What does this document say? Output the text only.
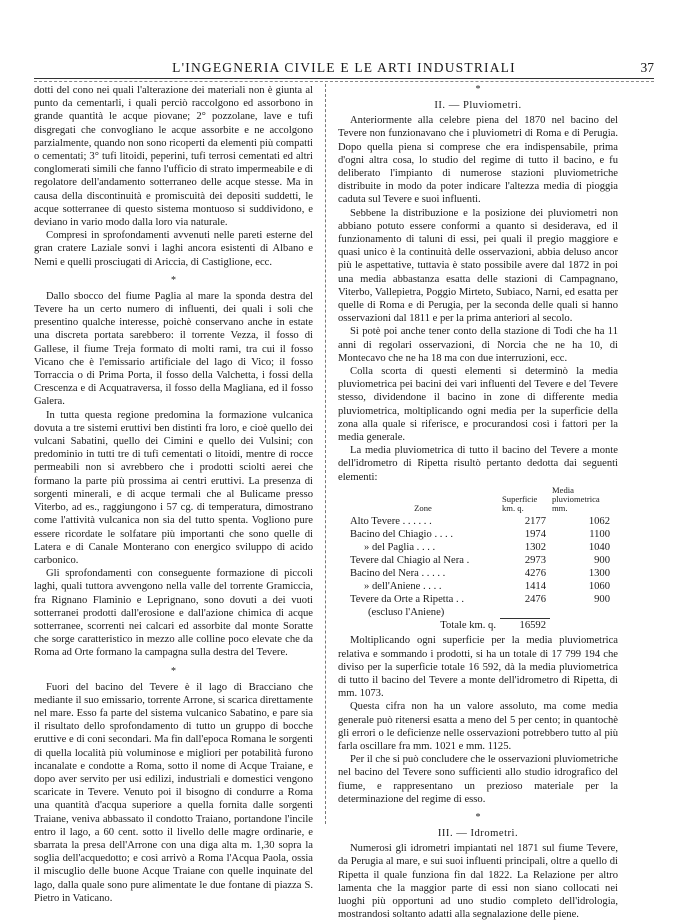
L'INGEGNERIA CIVILE E LE ARTI INDUSTRIALI	37

dotti del cono nei quali l'alterazione dei materiali non è giunta al punto da cementarli, i quali perciò raccolgono ed assorbono in grande quantità le acque piovane; 2° pozzolane, lave e tufi disgregati che convogliano le acque assorbite e ne accolgono parzialmente, quando non sono ricoperti da elementi più compatti o cementati; 3° tufi litoidi, peperini, tufi terrosi cementati ed altri conglomerati simili che fanno l'ufficio di strato impermeabile e di regolatore dell'andamento sotterraneo delle acque stesse. Ma in causa della discontinuità e promiscuità dei depositi suddetti, le acque sotterranee di questo sistema montuoso si suddividono, e deviano in vario modo dalla loro via naturale.

Compresi in sprofondamenti avvenuti nelle pareti esterne del gran cratere Laziale sonvi i laghi ancora esistenti di Albano e Nemi e quelli prosciugati di Ariccia, di Castiglione, ecc.

*

Dallo sbocco del fiume Paglia al mare la sponda destra del Tevere ha un certo numero di influenti, dei quali i soli che presentino qualche interesse, poichè conservano anche in estate una discreta portata sarebbero: il torrente Vezza, il fosso di Gallese, il fiume Treja formato di molti rami, tra cui il fosso Vicano che è l'emissario artificiale del lago di Vico; il fosso Torraccia o di Prima Porta, il fosso della Valchetta, i fossi della Crescenza e di Acquatraversa, il fosso della Magliana, ed il fosso Galera.

In tutta questa regione predomina la formazione vulcanica dovuta a tre sistemi eruttivi ben distinti fra loro, e cioè quello dei vulcani Sabatini, quello dei Cimini e quello dei Vulsini; con predominio in tutti tre di tufi cementati o litoidi, mentre di rocce permeabili non si avrebbero che i prodotti sciolti aerei che formano la parte più prossima ai centri eruttivi. La presenza di sorgenti minerali, e di acque termali che al Bulicame presso Viterbo, ad es., raggiungono i 57 cg. di temperatura, dimostrano come l'attività vulcanica non sia del tutto spenta. Vogliono pure essere ricordate le solfatare più importanti che sono quelle di Latera e di Canale Monterano con energico sviluppo di acido carbonico.

Gli sprofondamenti con conseguente formazione di piccoli laghi, quali tuttora avvengono nella valle del torrente Gramiccia, fra Rignano Flaminio e Leprignano, sono dovuti a dei vuoti sotterranei prodotti dall'erosione e dall'azione chimica di acque sotterranee, scorrenti nei calcari ed assorbite dal monte Soratte che sorge caratteristico in mezzo alle colline poco elevate che da Roma ad Orte formano la campagna sulla destra del Tevere.

*

Fuori del bacino del Tevere è il lago di Bracciano che mediante il suo emissario, torrente Arrone, si scarica direttamente nel mare. Esso fa parte del sistema vulcanico Sabatino, e pare sia il risultato dello sprofondamento di tutto un gruppo di bocche eruttive e di coni secondari. Ma fin dall'epoca Romana le sorgenti di quella località più voluminose e migliori per potabilità furono incanalate e condotte a Roma, sotto il nome di Acque Traiane, e dopo aver servito per usi edilizi, industriali e domestici vengono scaricate in Tevere. Venuto poi il bisogno di condurre a Roma una quantità d'acqua superiore a quella fornita dalle sorgenti Traiane, veniva abbassato il condotto Traiano, portandone l'incile entro il lago, a 60 cent. sotto il livello delle magre ordinarie, e sbarrata la presa dell'Arrone con una diga alta m. 1,30 sopra la soglia dell'acquedotto; e così arrivò a Roma l'Acqua Paola, ossia il miscuglio delle buone Acque Traiane con quelle inquinate del lago, dalla quale sono pure alimentate le due fontane di piazza S. Pietro in Vaticano.

*
II. — Pluviometri.

Anteriormente alla celebre piena del 1870 nel bacino del Tevere non funzionavano che i pluviometri di Roma e di Perugia. Dopo quella piena si comprese che era indispensabile, prima d'ogni altra cosa, lo studio del regime di tutto il bacino, e fu deliberato l'impianto di numerose stazioni pluviometriche distribuite in modo da poter indicare l'altezza media di pioggia caduta sul Tevere e suoi influenti.

Sebbene la distribuzione e la posizione dei pluviometri non abbiano potuto essere conformi a quanto si desiderava, ed il funzionamento di taluni di essi, pei quali il pregio maggiore e quasi unico è la continuità delle osservazioni, abbia deluso ancor più le aspettative, tuttavia è stato possibile avere dal 1872 in poi una media abbastanza esatta delle stazioni di Campagnano, Viterbo, Vallepietra, Poggio Mirteto, Subiaco, Narni, ed esatta per quelle di Roma e di Perugia, per la seconda delle quali si hanno osservazioni dal 1811 e per la prima anteriori al secolo.

Si potè poi anche tener conto della stazione di Todi che ha 11 anni di regolari osservazioni, di Norcia che ne ha 10, di Montecavo che ne ha 18 ma con due interruzioni, ecc.

Colla scorta di questi elementi si determinò la media pluviometrica pei bacini dei vari influenti del Tevere e del Tevere stesso, dividendone il bacino in zone di differente media pluviometrica, moltiplicando ogni media per la superficie della zona alla quale si riferisce, e procurandosi così i fattori per la media generale.

La media pluviometrica di tutto il bacino del Tevere a monte dell'idrometro di Ripetta risultò pertanto dedotta dai seguenti elementi:

Zone	Superficie km. q.	Media pluviometrica mm.
Alto Tevere . . . . . .	2177	1062
Bacino del Chiagio . . . .	1974	1100
» del Paglia . . . .	1302	1040
Tevere dal Chiagio al Nera .	2973	900
Bacino del Nera . . . . .	4276	1300
» dell'Aniene . . . .	1414	1060
Tevere da Orte a Ripetta . .	2476	900
(escluso l'Aniene)		
Totale km. q.	16592	

Moltiplicando ogni superficie per la media pluviometrica relativa e sommando i prodotti, si ha un totale di 17 799 194 che diviso per la superficie totale 16 592, dà la media pluviometrica di tutto il bacino del Tevere a monte dell'idrometro di Ripetta, di mm. 1073.

Questa cifra non ha un valore assoluto, ma come media generale può ritenersi esatta a meno del 5 per cento; in quantochè gli errori o le deficienze nelle osservazioni potrebbero tutto al più farla oscillare fra mm. 1021 e mm. 1125.

Per il che si può concludere che le osservazioni pluviometriche nel bacino del Tevere sono sufficienti allo studio idrografico del fiume, e rappresentano un prezioso materiale per la determinazione del regime di esso.

*
III. — Idrometri.

Numerosi gli idrometri impiantati nel 1871 sul fiume Tevere, da Perugia al mare, e sui suoi influenti principali, oltre a quello di Ripetta il quale funziona fin dal 1822. La Relazione per altro lamenta che la maggior parte di essi non siano collocati nei luoghi più opportuni ad uno studio completo dell'idrologia, mostrandosi soltanto adatti alla segnalazione delle piene.
